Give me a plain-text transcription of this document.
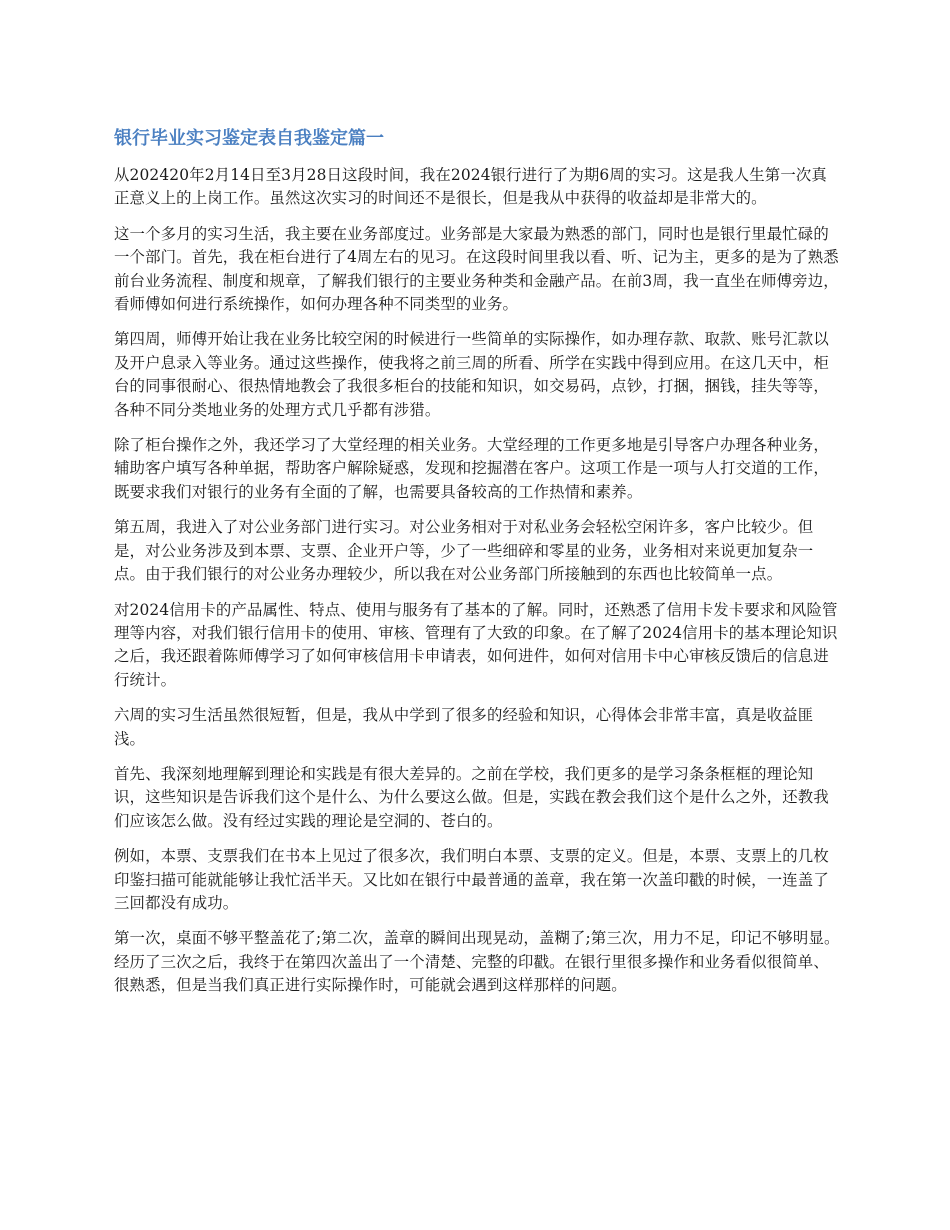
银行毕业实习鉴定表自我鉴定篇一

从202420年2月14日至3月28日这段时间，我在2024银行进行了为期6周的实习。这是我人生第一次真正意义上的上岗工作。虽然这次实习的时间还不是很长，但是我从中获得的收益却是非常大的。

这一个多月的实习生活，我主要在业务部度过。业务部是大家最为熟悉的部门，同时也是银行里最忙碌的一个部门。首先，我在柜台进行了4周左右的见习。在这段时间里我以看、听、记为主，更多的是为了熟悉前台业务流程、制度和规章，了解我们银行的主要业务种类和金融产品。在前3周，我一直坐在师傅旁边，看师傅如何进行系统操作，如何办理各种不同类型的业务。

第四周，师傅开始让我在业务比较空闲的时候进行一些简单的实际操作，如办理存款、取款、账号汇款以及开户息录入等业务。通过这些操作，使我将之前三周的所看、所学在实践中得到应用。在这几天中，柜台的同事很耐心、很热情地教会了我很多柜台的技能和知识，如交易码，点钞，打捆，捆钱，挂失等等，各种不同分类地业务的处理方式几乎都有涉猎。

除了柜台操作之外，我还学习了大堂经理的相关业务。大堂经理的工作更多地是引导客户办理各种业务，辅助客户填写各种单据，帮助客户解除疑惑，发现和挖掘潜在客户。这项工作是一项与人打交道的工作，既要求我们对银行的业务有全面的了解，也需要具备较高的工作热情和素养。

第五周，我进入了对公业务部门进行实习。对公业务相对于对私业务会轻松空闲许多，客户比较少。但是，对公业务涉及到本票、支票、企业开户等，少了一些细碎和零星的业务，业务相对来说更加复杂一点。由于我们银行的对公业务办理较少，所以我在对公业务部门所接触到的东西也比较简单一点。

对2024信用卡的产品属性、特点、使用与服务有了基本的了解。同时，还熟悉了信用卡发卡要求和风险管理等内容，对我们银行信用卡的使用、审核、管理有了大致的印象。在了解了2024信用卡的基本理论知识之后，我还跟着陈师傅学习了如何审核信用卡申请表，如何进件，如何对信用卡中心审核反馈后的信息进行统计。

六周的实习生活虽然很短暂，但是，我从中学到了很多的经验和知识，心得体会非常丰富，真是收益匪浅。

首先、我深刻地理解到理论和实践是有很大差异的。之前在学校，我们更多的是学习条条框框的理论知识，这些知识是告诉我们这个是什么、为什么要这么做。但是，实践在教会我们这个是什么之外，还教我们应该怎么做。没有经过实践的理论是空洞的、苍白的。

例如，本票、支票我们在书本上见过了很多次，我们明白本票、支票的定义。但是，本票、支票上的几枚印鉴扫描可能就能够让我忙活半天。又比如在银行中最普通的盖章，我在第一次盖印戳的时候，一连盖了三回都没有成功。

第一次，桌面不够平整盖花了;第二次，盖章的瞬间出现晃动，盖糊了;第三次，用力不足，印记不够明显。经历了三次之后，我终于在第四次盖出了一个清楚、完整的印戳。在银行里很多操作和业务看似很简单、很熟悉，但是当我们真正进行实际操作时，可能就会遇到这样那样的问题。
